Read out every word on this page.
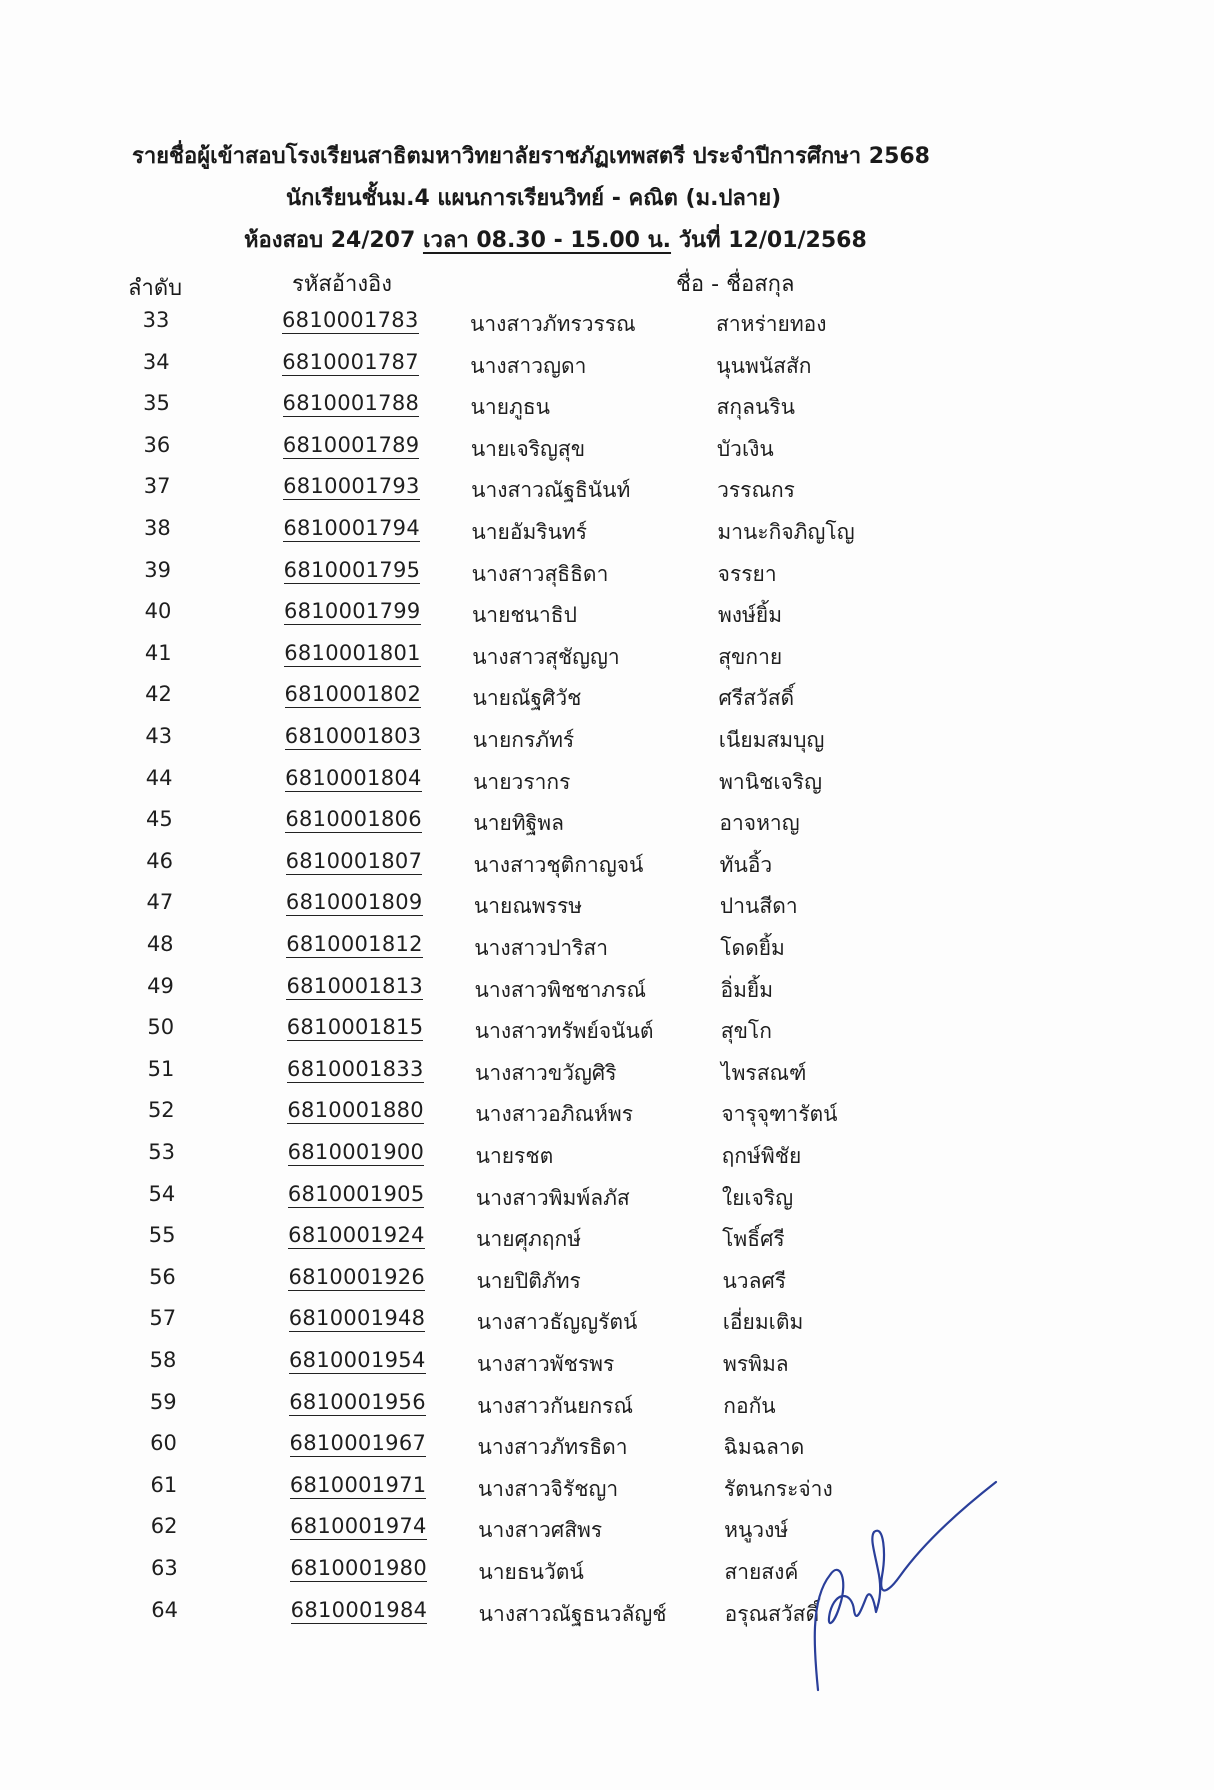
รายชื่อผู้เข้าสอบโรงเรียนสาธิตมหาวิทยาลัยราชภัฏเทพสตรี ประจำปีการศึกษา 2568
นักเรียนชั้นม.4 แผนการเรียนวิทย์ - คณิต (ม.ปลาย)
ห้องสอบ 24/207 เวลา 08.30 - 15.00 น. วันที่ 12/01/2568
ลำดับ	รหัสอ้างอิง	ชื่อ - ชื่อสกุล
33	6810001783 นางสาวภัทรวรรณ	สาหร่ายทอง
34	6810001787 นางสาวญดา	นุนพนัสสัก
35	6810001788 นายภูธน	สกุลนริน
36	6810001789 นายเจริญสุข	บัวเงิน
37	6810001793 นางสาวณัฐธินันท์	วรรณกร
38	6810001794 นายอัมรินทร์	มานะกิจภิญโญ
39	6810001795 นางสาวสุธิธิดา	จรรยา
40	6810001799 นายชนาธิป	พงษ์ยิ้ม
41	6810001801 นางสาวสุชัญญา	สุขกาย
42	6810001802 นายณัฐศิวัช	ศรีสวัสดิ์
43	6810001803 นายกรภัทร์	เนียมสมบุญ
44	6810001804 นายวรากร	พานิชเจริญ
45	6810001806 นายทิฐิพล	อาจหาญ
46	6810001807 นางสาวชุติกาญจน์	ทันอิ้ว
47	6810001809 นายณพรรษ	ปานสีดา
48	6810001812 นางสาวปาริสา	โดดยิ้ม
49	6810001813 นางสาวพิชชาภรณ์	อิ่มยิ้ม
50	6810001815 นางสาวทรัพย์จนันต์	สุขโก
51	6810001833 นางสาวขวัญศิริ	ไพรสณฑ์
52	6810001880 นางสาวอภิณห์พร	จารุจุฑารัตน์
53	6810001900 นายรชต	ฤกษ์พิชัย
54	6810001905 นางสาวพิมพ์ลภัส	ใยเจริญ
55	6810001924 นายศุภฤกษ์	โพธิ์ศรี
56	6810001926 นายปิติภัทร	นวลศรี
57	6810001948 นางสาวธัญญรัตน์	เอี่ยมเติม
58	6810001954 นางสาวพัชรพร	พรพิมล
59	6810001956 นางสาวกันยกรณ์	กอกัน
60	6810001967 นางสาวภัทรธิดา	ฉิมฉลาด
61	6810001971 นางสาวจิรัชญา	รัตนกระจ่าง
62	6810001974 นางสาวศสิพร	หนูวงษ์
63	6810001980 นายธนวัตน์	สายสงค์
64	6810001984 นางสาวณัฐธนวลัญช์	อรุณสวัสดิ์
